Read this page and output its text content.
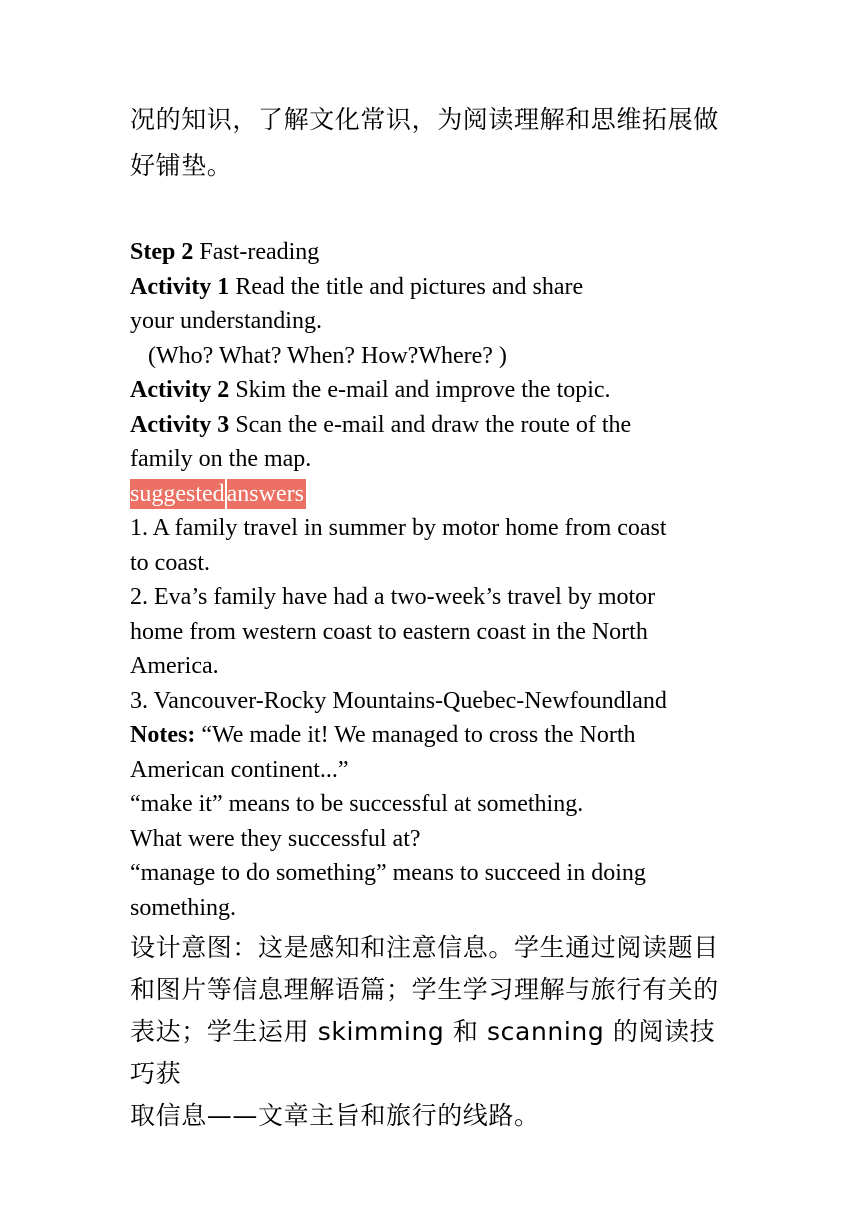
况的知识，了解文化常识，为阅读理解和思维拓展做

好铺垫。

Step 2 Fast-reading

Activity 1 Read the title and pictures and share

your understanding.

(Who? What? When? How?Where? )

Activity 2 Skim the e-mail and improve the topic.

Activity 3 Scan the e-mail and draw the route of the

family on the map.

suggestedanswers

1. A family travel in summer by motor home from coast

to coast.

2. Eva’s family have had a two-week’s travel by motor

home from western coast to eastern coast in the North

America.

3. Vancouver-Rocky Mountains-Quebec-Newfoundland

Notes: “We made it! We managed to cross the North

American continent...”

“make it” means to be successful at something.

What were they successful at?

“manage to do something” means to succeed in doing

something.

设计意图：这是感知和注意信息。学生通过阅读题目

和图片等信息理解语篇；学生学习理解与旅行有关的

表达；学生运用 skimming 和 scanning 的阅读技巧获

取信息——文章主旨和旅行的线路。
